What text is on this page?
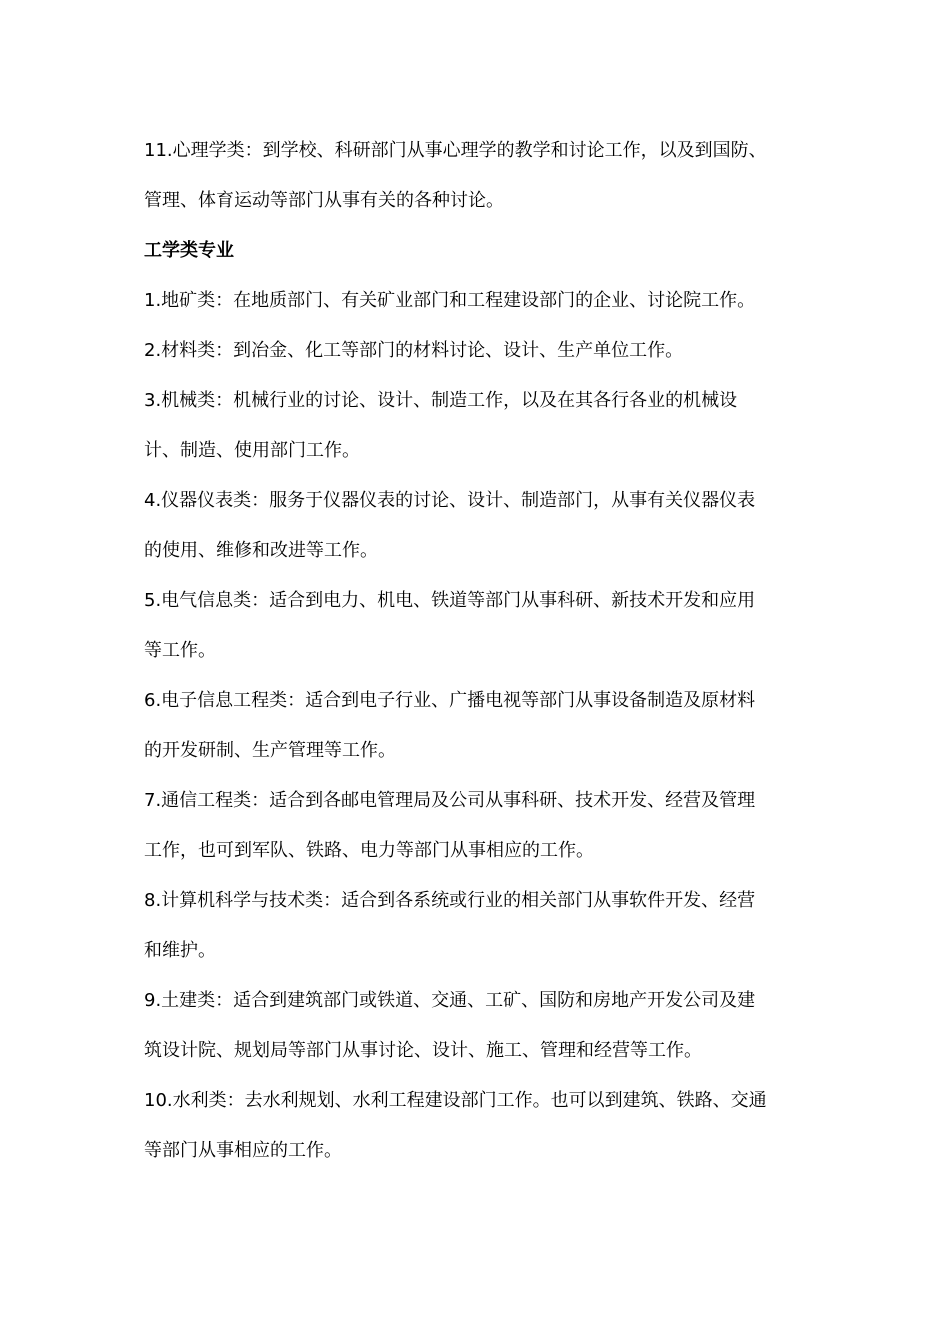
11.心理学类：到学校、科研部门从事心理学的教学和讨论工作，以及到国防、
管理、体育运动等部门从事有关的各种讨论。
工学类专业
1.地矿类：在地质部门、有关矿业部门和工程建设部门的企业、讨论院工作。
2.材料类：到冶金、化工等部门的材料讨论、设计、生产单位工作。
3.机械类：机械行业的讨论、设计、制造工作，以及在其各行各业的机械设
计、制造、使用部门工作。
4.仪器仪表类：服务于仪器仪表的讨论、设计、制造部门，从事有关仪器仪表
的使用、维修和改进等工作。
5.电气信息类：适合到电力、机电、铁道等部门从事科研、新技术开发和应用
等工作。
6.电子信息工程类：适合到电子行业、广播电视等部门从事设备制造及原材料
的开发研制、生产管理等工作。
7.通信工程类：适合到各邮电管理局及公司从事科研、技术开发、经营及管理
工作，也可到军队、铁路、电力等部门从事相应的工作。
8.计算机科学与技术类：适合到各系统或行业的相关部门从事软件开发、经营
和维护。
9.土建类：适合到建筑部门或铁道、交通、工矿、国防和房地产开发公司及建
筑设计院、规划局等部门从事讨论、设计、施工、管理和经营等工作。
10.水利类：去水利规划、水利工程建设部门工作。也可以到建筑、铁路、交通
等部门从事相应的工作。
